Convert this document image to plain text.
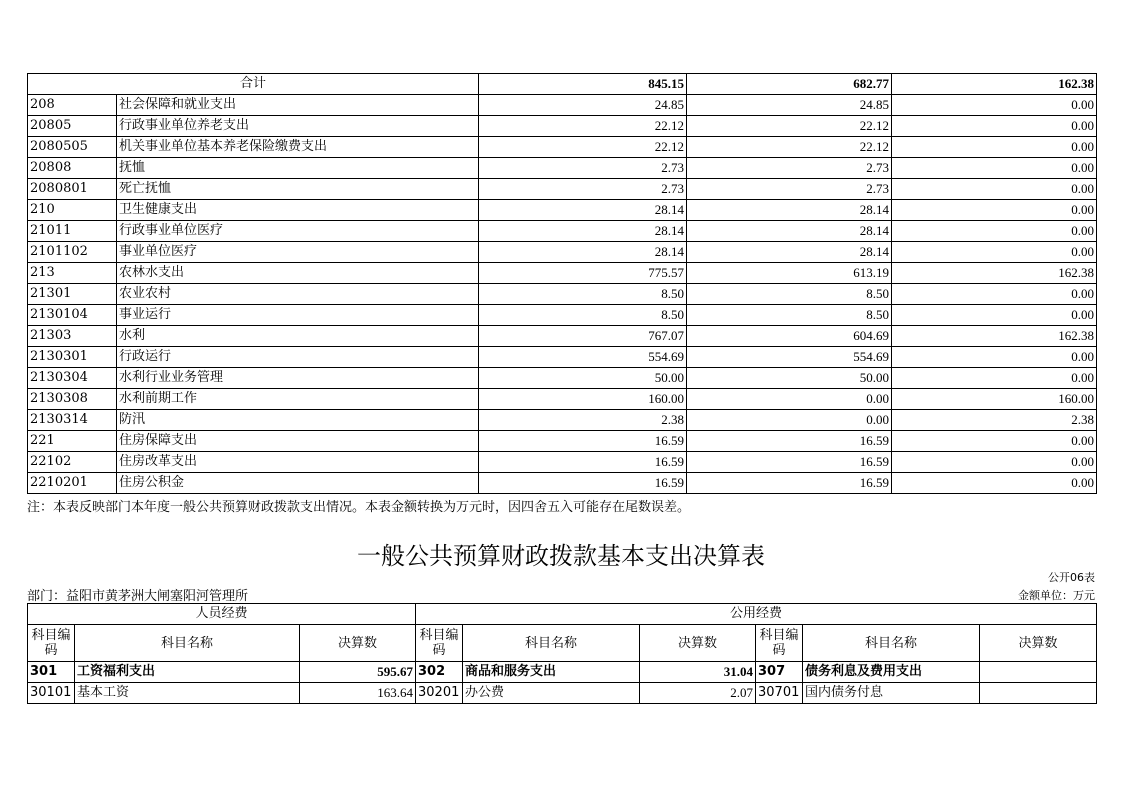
合计		845.15	682.77	162.38
208	社会保障和就业支出	24.85	24.85	0.00
20805	行政事业单位养老支出	22.12	22.12	0.00
2080505	机关事业单位基本养老保险缴费支出	22.12	22.12	0.00
20808	抚恤	2.73	2.73	0.00
2080801	死亡抚恤	2.73	2.73	0.00
210	卫生健康支出	28.14	28.14	0.00
21011	行政事业单位医疗	28.14	28.14	0.00
2101102	事业单位医疗	28.14	28.14	0.00
213	农林水支出	775.57	613.19	162.38
21301	农业农村	8.50	8.50	0.00
2130104	事业运行	8.50	8.50	0.00
21303	水利	767.07	604.69	162.38
2130301	行政运行	554.69	554.69	0.00
2130304	水利行业业务管理	50.00	50.00	0.00
2130308	水利前期工作	160.00	0.00	160.00
2130314	防汛	2.38	0.00	2.38
221	住房保障支出	16.59	16.59	0.00
22102	住房改革支出	16.59	16.59	0.00
2210201	住房公积金	16.59	16.59	0.00
注：本表反映部门本年度一般公共预算财政拨款支出情况。本表金额转换为万元时，因四舍五入可能存在尾数误差。
一般公共预算财政拨款基本支出决算表
公开06表
部门：益阳市黄茅洲大闸塞阳河管理所	金额单位：万元
人员经费			公用经费					
科目编码	科目名称	决算数	科目编码	科目名称	决算数	科目编码	科目名称	决算数
301	工资福利支出	595.67	302	商品和服务支出	31.04	307	债务利息及费用支出	
30101	基本工资	163.64	30201	办公费	2.07	30701	国内债务付息	
